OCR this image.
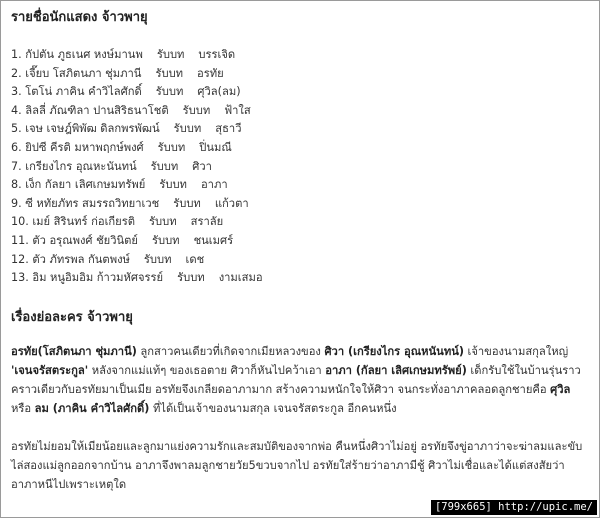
รายชื่อนักแสดง จ้าวพายุ
1. กัปตัน ภูธเนศ หงษ์มานพ รับบท บรรเจิด
2. เจี๊ยบ โสภิตนภา ชุ่มภานี รับบท อรทัย
3. โตโน่ ภาคิน คำวิไลศักดิ์ รับบท ศุวิล(ลม)
4. ลิลลี่ ภัณฑิลา ปานสิริธนาโชติ รับบท ฟ้าใส
5. เจษ เจษฎ์พิพัฒ ดิลกพรพัฒน์ รับบท สุธาวี
6. ยิปซี คีรติ มหาพฤกษ์พงศ์ รับบท ปิ่นมณี
7. เกรียงไกร อุณหะนันทน์ รับบท ศิวา
8. เง็ก กัลยา เลิศเกษมทรัพย์ รับบท อาภา
9. ซี หทัยภัทร สมรรถวิทยาเวช รับบท แก้วตา
10. เมย์ สิรินทร์ ก่อเกียรติ รับบท สราลัย
11. ตัว อรุณพงศ์ ชัยวินิตย์ รับบท ชนเมศร์
12. ตัว ภัทรพล กันตพงษ์ รับบท เดช
13. อิม หนูอิมอิม ก้าวมหัศจรรย์ รับบท งามเสมอ
เรื่องย่อละคร จ้าวพายุ

อรทัย(โสภิตนภา ชุ่มภานี) ลูกสาวคนเดียวที่เกิดจากเมียหลวงของ ศิวา (เกรียงไกร อุณหนันทน์) เจ้าของนามสกุลใหญ่ 'เจนจรัสตระกูล' หลังจากแม่แท้ๆ ของเธอตาย ศิวาก็หันไปคว้าเอา อาภา (กัลยา เลิศเกษมทรัพย์) เด็กรับใช้ในบ้านรุ่นราวคราวเดียวกับอรทัยมาเป็นเมีย อรทัยจึงเกลียดอาภามาก สร้างความหนักใจให้ศิวา จนกระทั่งอาภาคลอดลูกชายคือ ศุวิล หรือ ลม (ภาคิน คำวิไลศักดิ์) ที่ได้เป็นเจ้าของนามสกุล เจนจรัสตระกูล อีกคนหนึ่ง

อรทัยไม่ยอมให้เมียน้อยและลูกมาแย่งความรักและสมบัติของจากพ่อ คืนหนึ่งศิวาไม่อยู่ อรทัยจึงขู่อาภาว่าจะฆ่าลมและขับไล่สองแม่ลูกออกจากบ้าน อาภาจึงพาลมลูกชายวัย5ขวบจากไป อรทัยใส่ร้ายว่าอาภามีชู้ ศิวาไม่เชื่อและได้แต่สงสัยว่าอาภาหนีไปเพราะเหตุใด

[799x665] http://upic.me/
